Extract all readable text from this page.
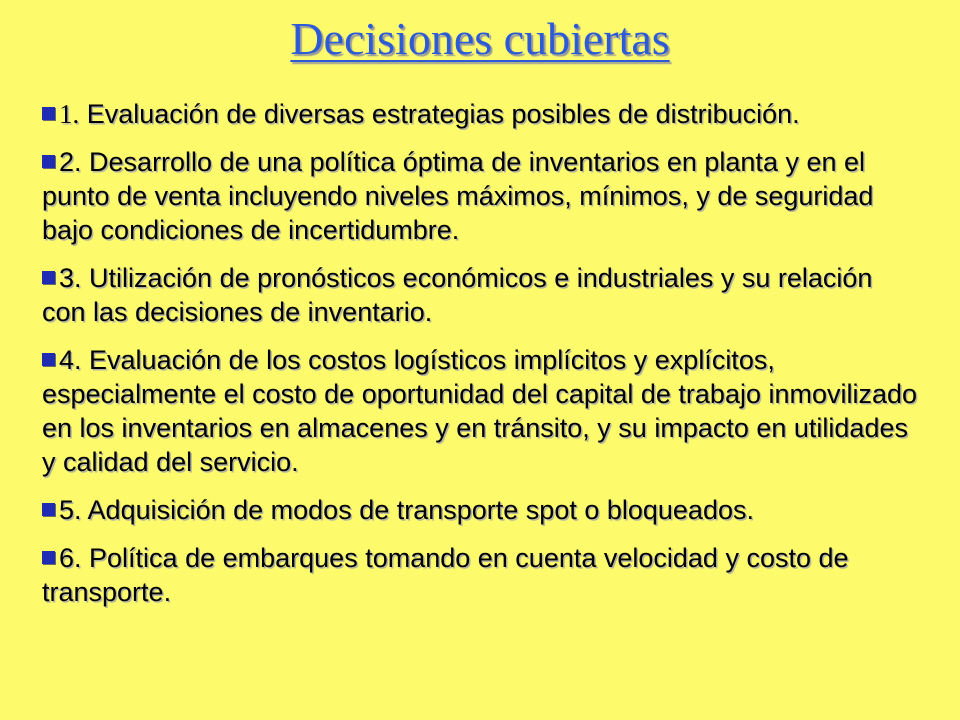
Decisiones cubiertas
1. Evaluación de diversas estrategias posibles de distribución.
2. Desarrollo de una política óptima de inventarios en planta y en el punto de venta incluyendo niveles máximos, mínimos, y de seguridad bajo condiciones de incertidumbre.
3. Utilización de pronósticos económicos e industriales y su relación con las decisiones de inventario.
4. Evaluación de los costos logísticos implícitos y explícitos, especialmente el costo de oportunidad del capital de trabajo inmovilizado en los inventarios en almacenes y en tránsito, y su impacto en utilidades y calidad del servicio.
5. Adquisición de modos de transporte spot o bloqueados.
6. Política de embarques tomando en cuenta velocidad y costo de transporte.
